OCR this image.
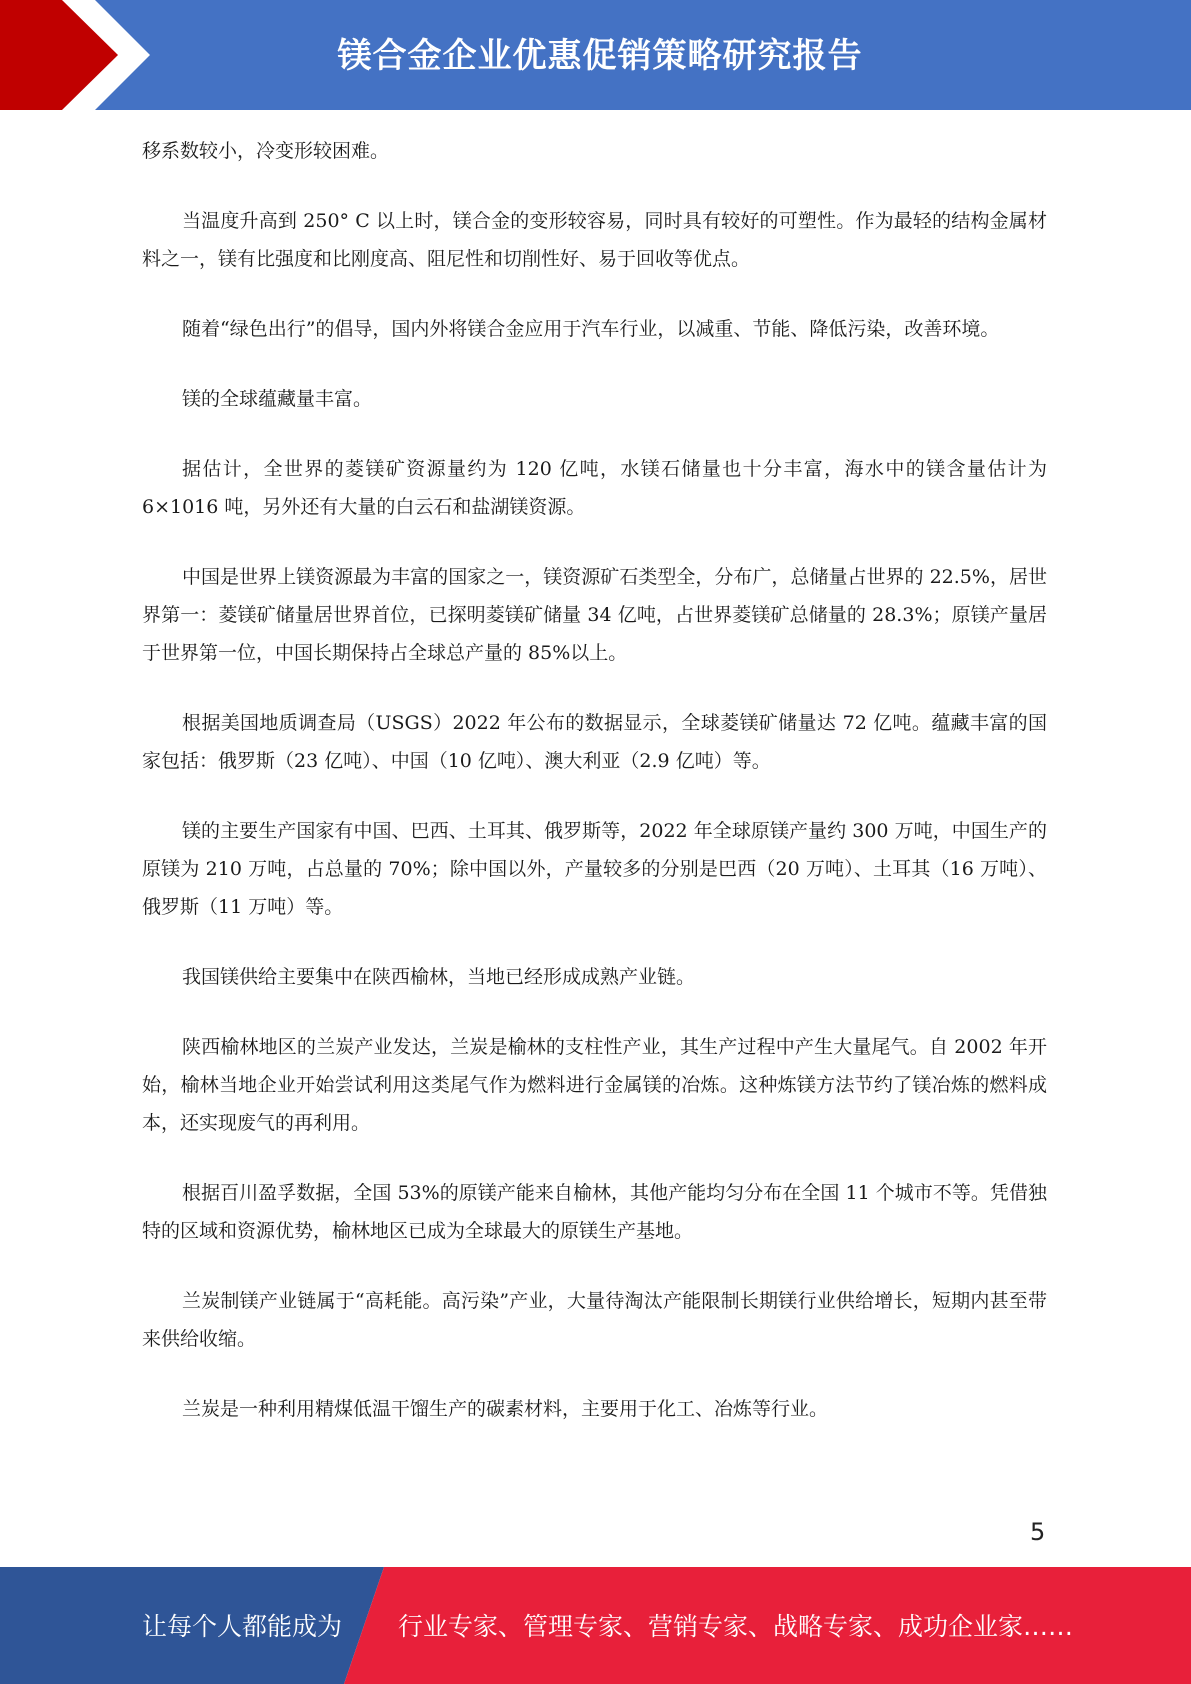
镁合金企业优惠促销策略研究报告

移系数较小，冷变形较困难。

当温度升高到 250° C 以上时，镁合金的变形较容易，同时具有较好的可塑性。作为最轻的结构金属材料之一，镁有比强度和比刚度高、阻尼性和切削性好、易于回收等优点。

随着“绿色出行”的倡导，国内外将镁合金应用于汽车行业，以减重、节能、降低污染，改善环境。

镁的全球蕴藏量丰富。

据估计，全世界的菱镁矿资源量约为 120 亿吨，水镁石储量也十分丰富，海水中的镁含量估计为 6×1016 吨，另外还有大量的白云石和盐湖镁资源。

中国是世界上镁资源最为丰富的国家之一，镁资源矿石类型全，分布广，总储量占世界的 22.5%，居世界第一：菱镁矿储量居世界首位，已探明菱镁矿储量 34 亿吨，占世界菱镁矿总储量的 28.3%；原镁产量居于世界第一位，中国长期保持占全球总产量的 85%以上。

根据美国地质调查局（USGS）2022 年公布的数据显示，全球菱镁矿储量达 72 亿吨。蕴藏丰富的国家包括：俄罗斯（23 亿吨）、中国（10 亿吨）、澳大利亚（2.9 亿吨）等。

镁的主要生产国家有中国、巴西、土耳其、俄罗斯等，2022 年全球原镁产量约 300 万吨，中国生产的原镁为 210 万吨，占总量的 70%；除中国以外，产量较多的分别是巴西（20 万吨）、土耳其（16 万吨）、俄罗斯（11 万吨）等。

我国镁供给主要集中在陕西榆林，当地已经形成成熟产业链。

陕西榆林地区的兰炭产业发达，兰炭是榆林的支柱性产业，其生产过程中产生大量尾气。自 2002 年开始，榆林当地企业开始尝试利用这类尾气作为燃料进行金属镁的冶炼。这种炼镁方法节约了镁冶炼的燃料成本，还实现废气的再利用。

根据百川盈孚数据，全国 53%的原镁产能来自榆林，其他产能均匀分布在全国 11 个城市不等。凭借独特的区域和资源优势，榆林地区已成为全球最大的原镁生产基地。

兰炭制镁产业链属于“高耗能。高污染”产业，大量待淘汰产能限制长期镁行业供给增长，短期内甚至带来供给收缩。

兰炭是一种利用精煤低温干馏生产的碳素材料，主要用于化工、冶炼等行业。

5
让每个人都能成为 行业专家、管理专家、营销专家、战略专家、成功企业家……
